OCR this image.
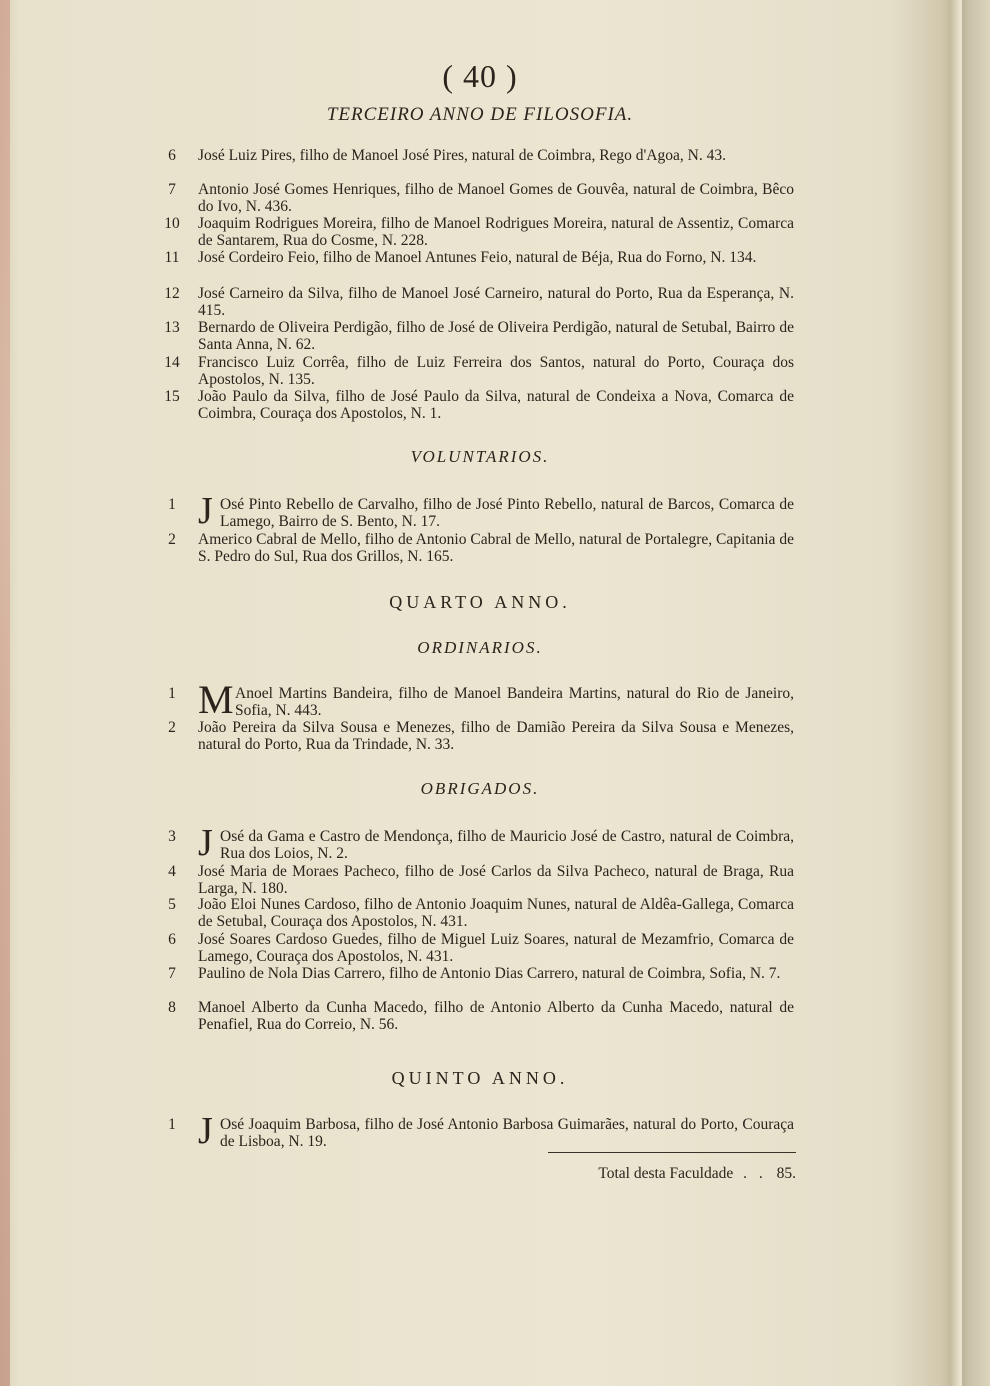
( 40 )
TERCEIRO ANNO DE FILOSOFIA.
6	José Luiz Pires, filho de Manoel José Pires, natural de Coimbra, Rego d'Agoa, N. 43.
7	Antonio José Gomes Henriques, filho de Manoel Gomes de Gouvêa, natural de Coimbra, Bêco do Ivo, N. 436.
10 Joaquim Rodrigues Moreira, filho de Manoel Rodrigues Moreira, natural de Assentiz, Comarca de Santarem, Rua do Cosme, N. 228.
11 José Cordeiro Feio, filho de Manoel Antunes Feio, natural de Béja, Rua do Forno, N. 134.
12 José Carneiro da Silva, filho de Manoel José Carneiro, natural do Porto, Rua da Esperança, N. 415.
13 Bernardo de Oliveira Perdigão, filho de José de Oliveira Perdigão, natural de Setubal, Bairro de Santa Anna, N. 62.
14 Francisco Luiz Corrêa, filho de Luiz Ferreira dos Santos, natural do Porto, Couraça dos Apostolos, N. 135.
15 João Paulo da Silva, filho de José Paulo da Silva, natural de Condeixa a Nova, Comarca de Coimbra, Couraça dos Apostolos, N. 1.
VOLUNTARIOS.
1 J Osé Pinto Rebello de Carvalho, filho de José Pinto Rebello, natural de Barcos, Comarca de Lamego, Bairro de S. Bento, N. 17.
2	Americo Cabral de Mello, filho de Antonio Cabral de Mello, natural de Portalegre, Capitania de S. Pedro do Sul, Rua dos Grillos, N. 165.
QUARTO ANNO.
ORDINARIOS.
1 M Anoel Martins Bandeira, filho de Manoel Bandeira Martins, natural do Rio de Janeiro, Sofia, N. 443.
2	João Pereira da Silva Sousa e Menezes, filho de Damião Pereira da Silva Sousa e Menezes, natural do Porto, Rua da Trindade, N. 33.
OBRIGADOS.
3 J Osé da Gama e Castro de Mendonça, filho de Mauricio José de Castro, natural de Coimbra, Rua dos Loios, N. 2.
4	José Maria de Moraes Pacheco, filho de José Carlos da Silva Pacheco, natural de Braga, Rua Larga, N. 180.
5	João Eloi Nunes Cardoso, filho de Antonio Joaquim Nunes, natural de Aldêa-Gallega, Comarca de Setubal, Couraça dos Apostolos, N. 431.
6	José Soares Cardoso Guedes, filho de Miguel Luiz Soares, natural de Mezamfrio, Comarca de Lamego, Couraça dos Apostolos, N. 431.
7	Paulino de Nola Dias Carrero, filho de Antonio Dias Carrero, natural de Coimbra, Sofia, N. 7.
8	Manoel Alberto da Cunha Macedo, filho de Antonio Alberto da Cunha Macedo, natural de Penafiel, Rua do Correio, N. 56.
QUINTO ANNO.
1 J Osé Joaquim Barbosa, filho de José Antonio Barbosa Guimarães, natural do Porto, Couraça de Lisboa, N. 19.
Total desta Faculdade . . 85.
